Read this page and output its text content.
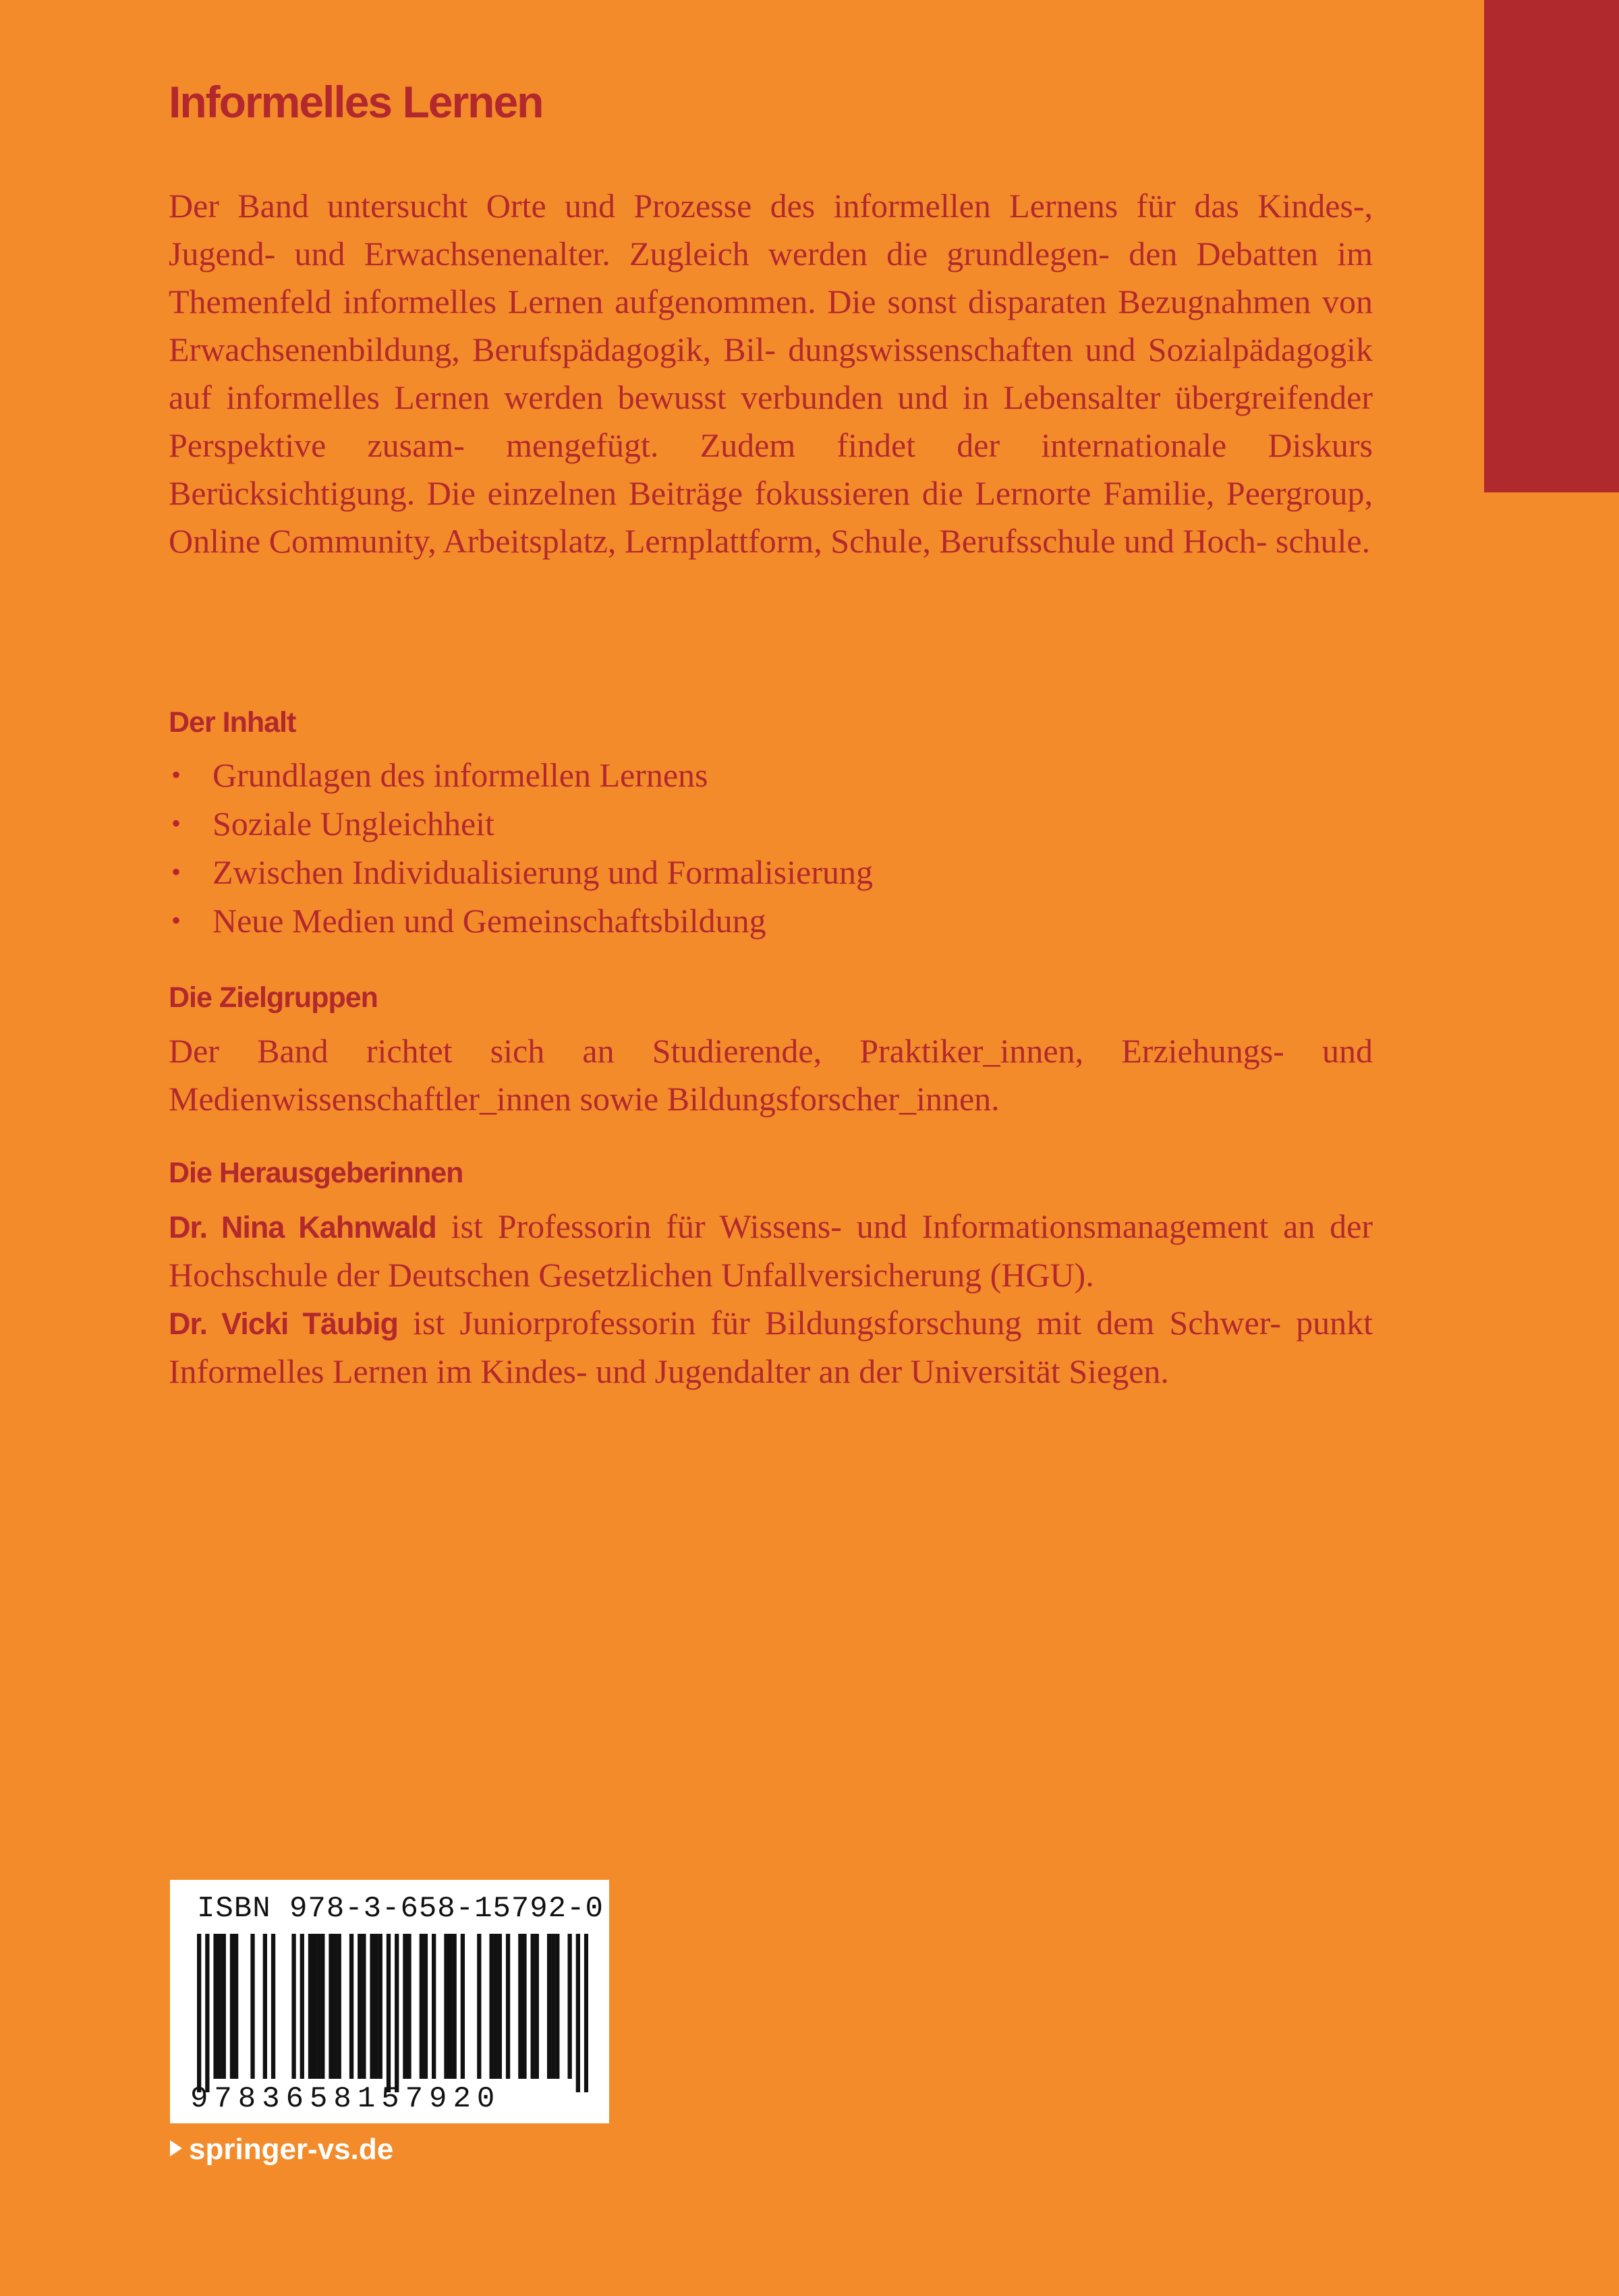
Informelles Lernen

Der Band untersucht Orte und Prozesse des informellen Lernens für das Kindes-, Jugend- und Erwachsenenalter. Zugleich werden die grundlegen- den Debatten im Themenfeld informelles Lernen aufgenommen. Die sonst disparaten Bezugnahmen von Erwachsenenbildung, Berufspädagogik, Bil- dungswissenschaften und Sozialpädagogik auf informelles Lernen werden bewusst verbunden und in Lebensalter übergreifender Perspektive zusam- mengefügt. Zudem findet der internationale Diskurs Berücksichtigung. Die einzelnen Beiträge fokussieren die Lernorte Familie, Peergroup, Online Community, Arbeitsplatz, Lernplattform, Schule, Berufsschule und Hoch- schule.

Der Inhalt
• Grundlagen des informellen Lernens
• Soziale Ungleichheit
• Zwischen Individualisierung und Formalisierung
• Neue Medien und Gemeinschaftsbildung
Die Zielgruppen

Der Band richtet sich an Studierende, Praktiker_innen, Erziehungs- und Medienwissenschaftler_innen sowie Bildungsforscher_innen.

Die Herausgeberinnen

Dr. Nina Kahnwald ist Professorin für Wissens- und Informationsmanagement an der Hochschule der Deutschen Gesetzlichen Unfallversicherung (HGU).
Dr. Vicki Täubig ist Juniorprofessorin für Bildungsforschung mit dem Schwer- punkt Informelles Lernen im Kindes- und Jugendalter an der Universität Siegen.

ISBN 978-3-658-15792-0
9783658157920
springer-vs.de
